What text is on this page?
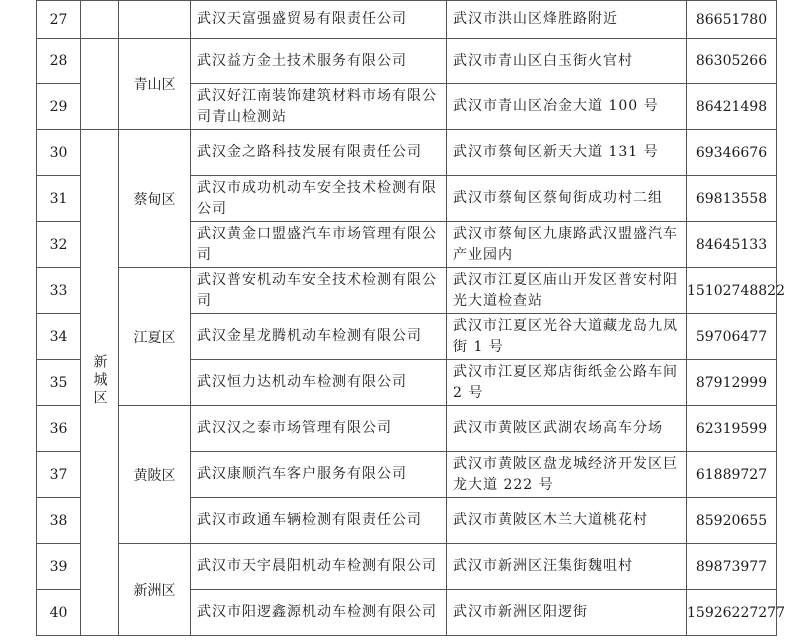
27			武汉天富强盛贸易有限责任公司	武汉市洪山区烽胜路附近	86651780
28		青山区	武汉益方金土技术服务有限公司	武汉市青山区白玉街火官村	86305266
29			武汉好江南装饰建筑材料市场有限公司青山检测站	武汉市青山区冶金大道 100 号	86421498
30	新城区	蔡甸区	武汉金之路科技发展有限责任公司	武汉市蔡甸区新天大道 131 号	69346676
31			武汉市成功机动车安全技术检测有限公司	武汉市蔡甸区蔡甸街成功村二组	69813558
32			武汉黄金口盟盛汽车市场管理有限公司	武汉市蔡甸区九康路武汉盟盛汽车产业园内	84645133
33		江夏区	武汉普安机动车安全技术检测有限公司	武汉市江夏区庙山开发区普安村阳光大道检查站	15102748822
34			武汉金星龙腾机动车检测有限公司	武汉市江夏区光谷大道藏龙岛九凤街 1 号	59706477
35			武汉恒力达机动车检测有限公司	武汉市江夏区郑店街纸金公路车间 2 号	87912999
36		黄陂区	武汉汉之泰市场管理有限公司	武汉市黄陂区武湖农场高车分场	62319599
37			武汉康顺汽车客户服务有限公司	武汉市黄陂区盘龙城经济开发区巨龙大道 222 号	61889727
38			武汉市政通车辆检测有限责任公司	武汉市黄陂区木兰大道桃花村	85920655
39		新洲区	武汉市天宇晨阳机动车检测有限公司	武汉市新洲区汪集街魏咀村	89873977
40			武汉市阳逻鑫源机动车检测有限公司	武汉市新洲区阳逻街	15926227277
